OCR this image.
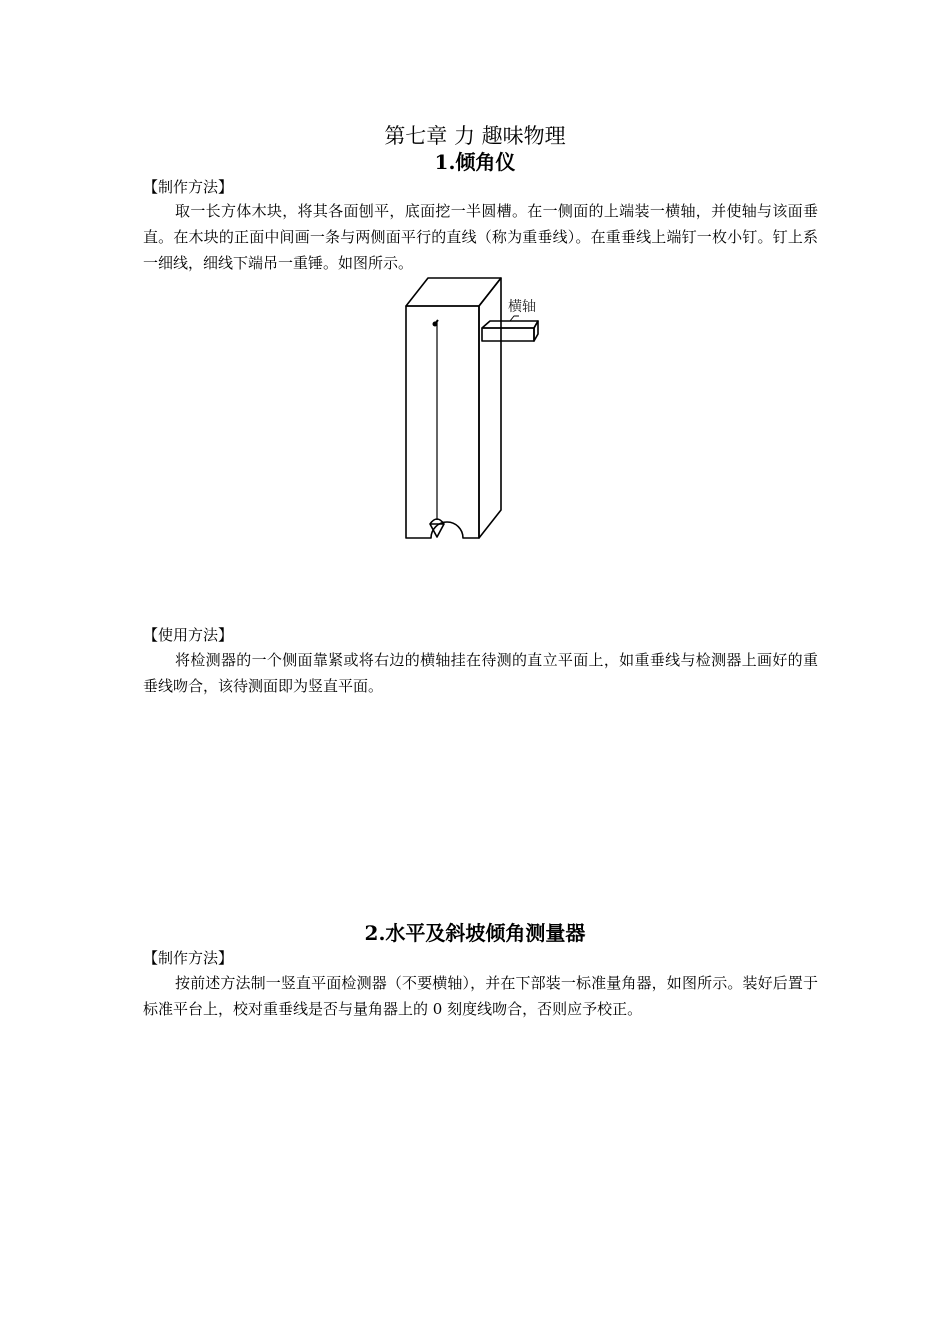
第七章 力 趣味物理
1.倾角仪
【制作方法】

取一长方体木块，将其各面刨平，底面挖一半圆槽。在一侧面的上端装一横轴，并使轴与该面垂直。在木块的正面中间画一条与两侧面平行的直线（称为重垂线）。在重垂线上端钉一枚小钉。钉上系一细线，细线下端吊一重锤。如图所示。

横轴
【使用方法】

将检测器的一个侧面靠紧或将右边的横轴挂在待测的直立平面上，如重垂线与检测器上画好的重垂线吻合，该待测面即为竖直平面。

2.水平及斜坡倾角测量器
【制作方法】

按前述方法制一竖直平面检测器（不要横轴），并在下部装一标准量角器，如图所示。装好后置于标准平台上，校对重垂线是否与量角器上的 0 刻度线吻合，否则应予校正。
